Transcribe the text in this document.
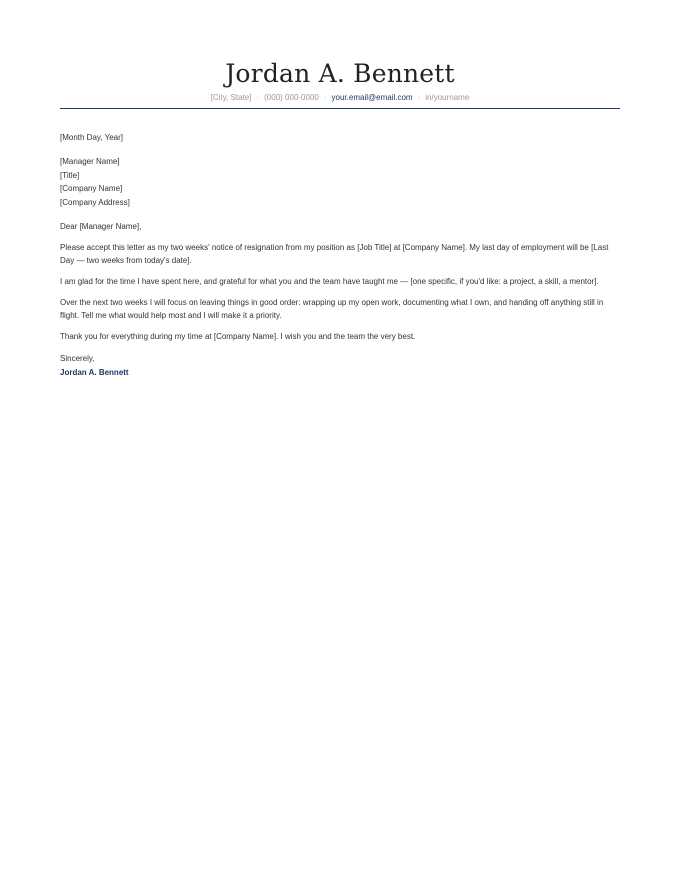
Jordan A. Bennett
[City, State] · (000) 000-0000 · your.email@email.com · in/yourname

[Month Day, Year]

[Manager Name]
[Title]
[Company Name]
[Company Address]

Dear [Manager Name],

Please accept this letter as my two weeks' notice of resignation from my position as [Job Title] at [Company Name]. My last day of employment will be [Last Day — two weeks from today's date].

I am glad for the time I have spent here, and grateful for what you and the team have taught me — [one specific, if you'd like: a project, a skill, a mentor].

Over the next two weeks I will focus on leaving things in good order: wrapping up my open work, documenting what I own, and handing off anything still in flight. Tell me what would help most and I will make it a priority.

Thank you for everything during my time at [Company Name]. I wish you and the team the very best.

Sincerely,

Jordan A. Bennett
